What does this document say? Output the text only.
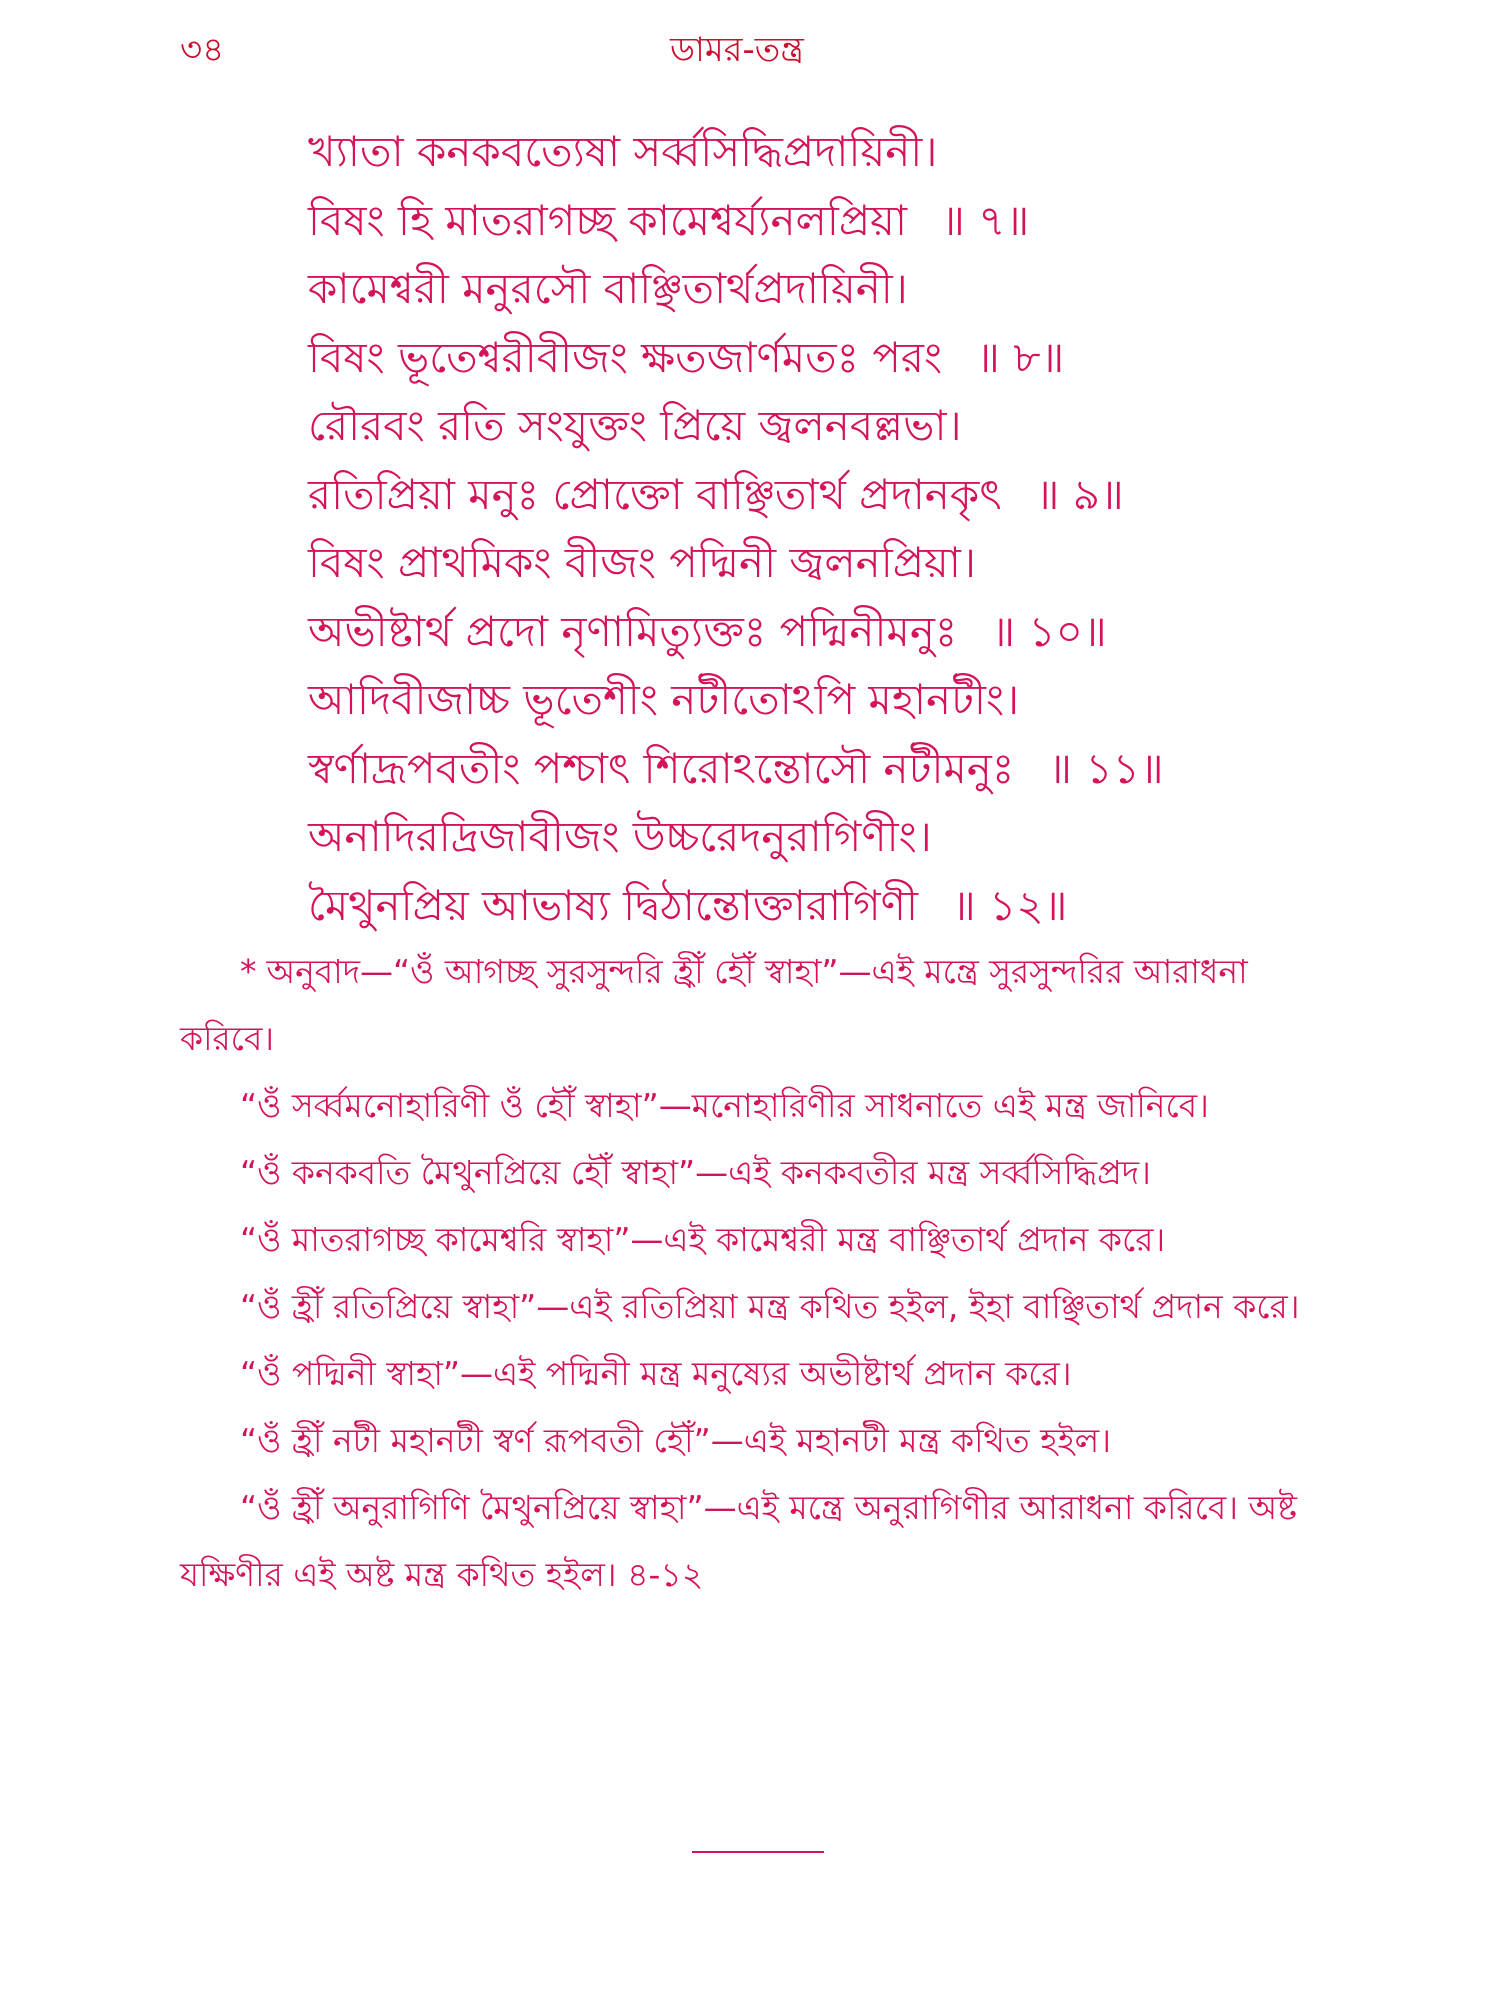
৩৪	ডামর-তন্ত্র
খ্যাতা কনকবত্যেষা সর্ব্বসিদ্ধিপ্রদায়িনী।
বিষং হি মাতরাগচ্ছ কামেশ্বর্য্যনলপ্রিয়া ॥ ৭॥
কামেশ্বরী মনুরসৌ বাঞ্ছিতার্থপ্রদায়িনী।
বিষং ভূতেশ্বরীবীজং ক্ষতজার্ণমতঃ পরং ॥ ৮॥
রৌরবং রতি সংযুক্তং প্রিয়ে জ্বলনবল্লভা।
রতিপ্রিয়া মনুঃ প্রোক্তো বাঞ্ছিতার্থ প্রদানকৃৎ ॥ ৯॥
বিষং প্রাথমিকং বীজং পদ্মিনী জ্বলনপ্রিয়া।
অভীষ্টার্থ প্রদো নৃণামিত্যুক্তঃ পদ্মিনীমনুঃ ॥ ১০॥
আদিবীজাচ্চ ভূতেশীং নটীতোঽপি মহানটীং।
স্বর্ণাদ্রূপবতীং পশ্চাৎ শিরোঽন্তোসৌ নটীমনুঃ ॥ ১১॥
অনাদিরদ্রিজাবীজং উচ্চরেদনুরাগিণীং।
মৈথুনপ্রিয় আভাষ্য দ্বিঠান্তোক্তারাগিণী ॥ ১২॥

* অনুবাদ—“ওঁ আগচ্ছ সুরসুন্দরি হ্রীঁ হৌঁ স্বাহা”—এই মন্ত্রে সুরসুন্দরির আরাধনা করিবে।

“ওঁ সর্ব্বমনোহারিণী ওঁ হৌঁ স্বাহা”—মনোহারিণীর সাধনাতে এই মন্ত্র জানিবে।

“ওঁ কনকবতি মৈথুনপ্রিয়ে হৌঁ স্বাহা”—এই কনকবতীর মন্ত্র সর্ব্বসিদ্ধিপ্রদ।

“ওঁ মাতরাগচ্ছ কামেশ্বরি স্বাহা”—এই কামেশ্বরী মন্ত্র বাঞ্ছিতার্থ প্রদান করে।

“ওঁ হ্রীঁ রতিপ্রিয়ে স্বাহা”—এই রতিপ্রিয়া মন্ত্র কথিত হইল, ইহা বাঞ্ছিতার্থ প্রদান করে।

“ওঁ পদ্মিনী স্বাহা”—এই পদ্মিনী মন্ত্র মনুষ্যের অভীষ্টার্থ প্রদান করে।

“ওঁ হ্রীঁ নটী মহানটী স্বর্ণ রূপবতী হৌঁ”—এই মহানটী মন্ত্র কথিত হইল।

“ওঁ হ্রীঁ অনুরাগিণি মৈথুনপ্রিয়ে স্বাহা”—এই মন্ত্রে অনুরাগিণীর আরাধনা করিবে। অষ্ট যক্ষিণীর এই অষ্ট মন্ত্র কথিত হইল। ৪-১২
